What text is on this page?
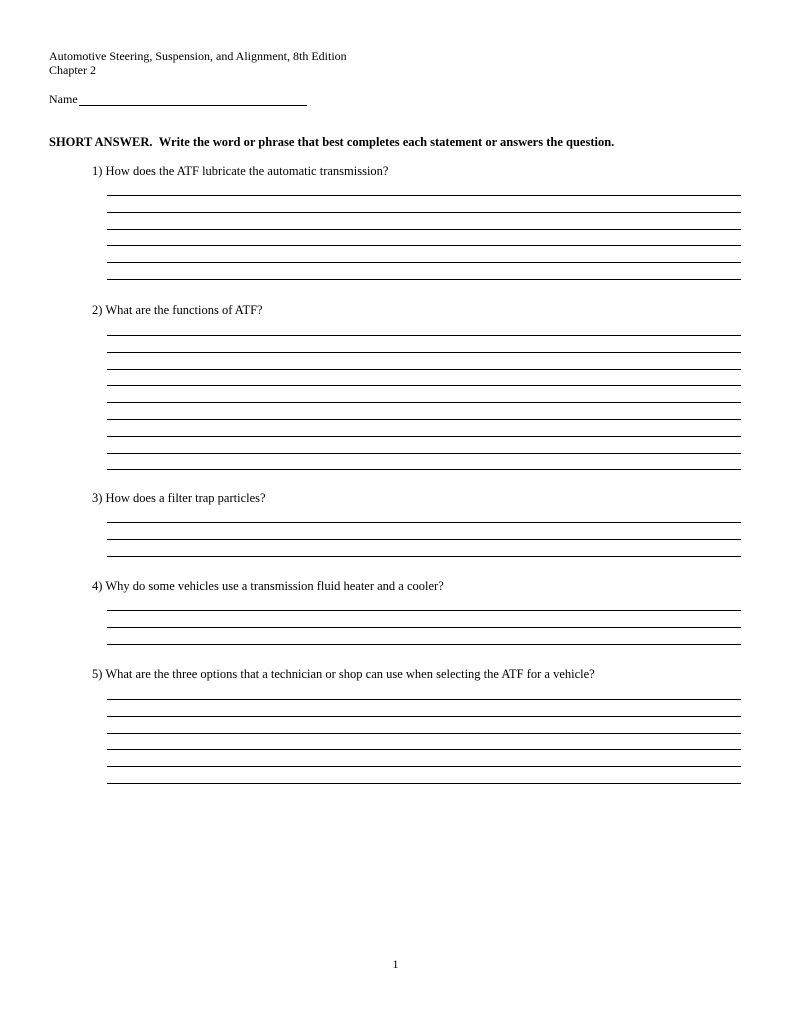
Automotive Steering, Suspension, and Alignment, 8th Edition
Chapter 2
Name
SHORT ANSWER. Write the word or phrase that best completes each statement or answers the question.
1) How does the ATF lubricate the automatic transmission?
2) What are the functions of ATF?
3) How does a filter trap particles?
4) Why do some vehicles use a transmission fluid heater and a cooler?
5) What are the three options that a technician or shop can use when selecting the ATF for a vehicle?
1
